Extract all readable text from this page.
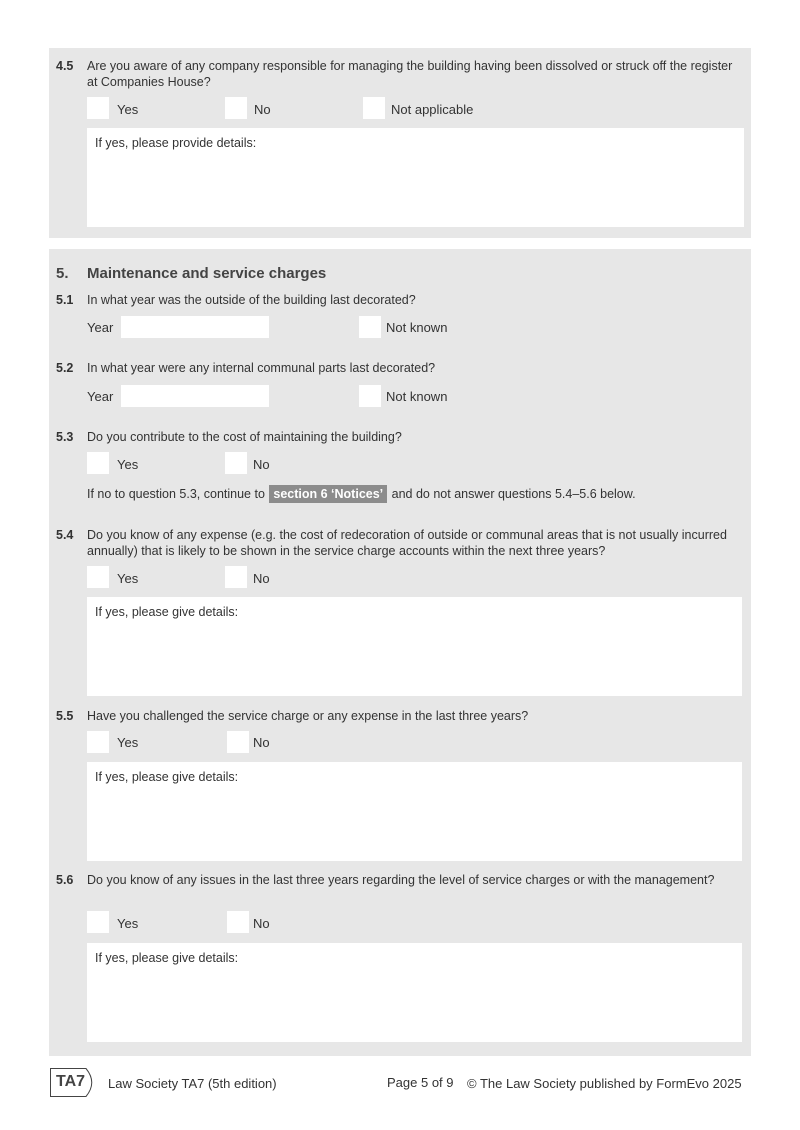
4.5 Are you aware of any company responsible for managing the building having been dissolved or struck off the register at Companies House?
Yes	No	Not applicable
If yes, please provide details:
5. Maintenance and service charges
5.1 In what year was the outside of the building last decorated?
Year	Not known
5.2 In what year were any internal communal parts last decorated?
Year	Not known
5.3 Do you contribute to the cost of maintaining the building?
Yes	No
If no to question 5.3, continue to section 6 ‘Notices’ and do not answer questions 5.4–5.6 below.
5.4 Do you know of any expense (e.g. the cost of redecoration of outside or communal areas that is not usually incurred annually) that is likely to be shown in the service charge accounts within the next three years?
Yes	No
If yes, please give details:
5.5 Have you challenged the service charge or any expense in the last three years?
Yes	No
If yes, please give details:
5.6 Do you know of any issues in the last three years regarding the level of service charges or with the management?
Yes	No
If yes, please give details:
TA7 Law Society TA7 (5th edition)	Page 5 of 9 © The Law Society published by FormEvo 2025
